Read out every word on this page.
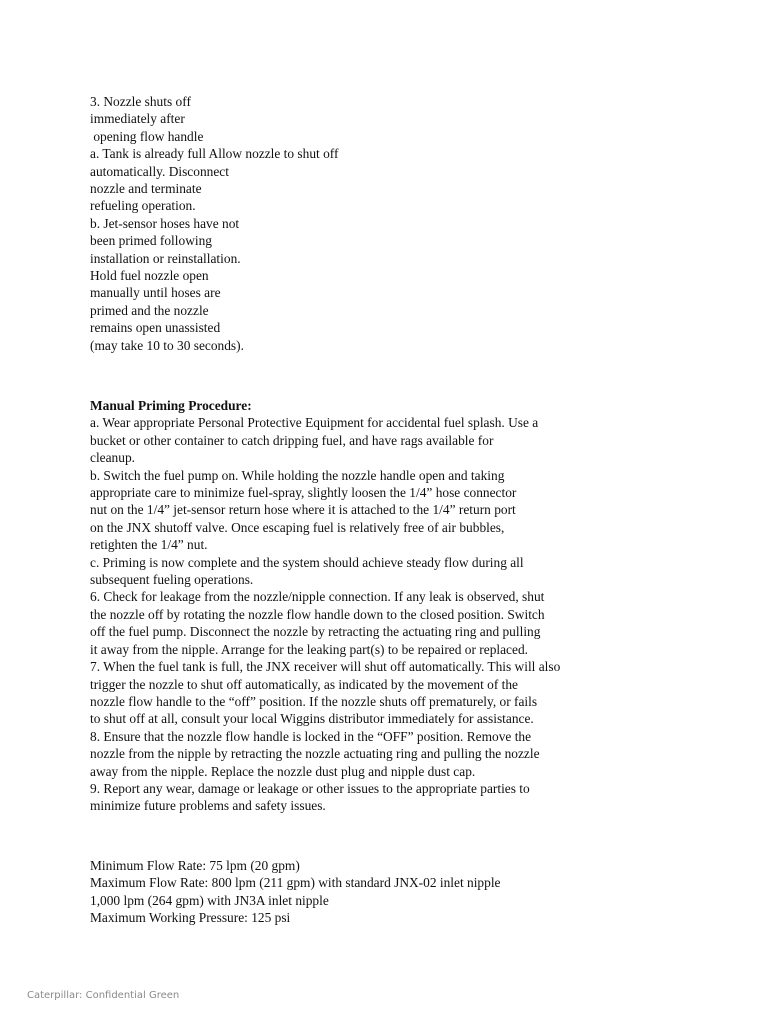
3. Nozzle shuts off
immediately after
opening flow handle
a. Tank is already full Allow nozzle to shut off
automatically. Disconnect
nozzle and terminate
refueling operation.
b. Jet-sensor hoses have not
been primed following
installation or reinstallation.
Hold fuel nozzle open
manually until hoses are
primed and the nozzle
remains open unassisted
(may take 10 to 30 seconds).
Manual Priming Procedure:
a. Wear appropriate Personal Protective Equipment for accidental fuel splash. Use a
bucket or other container to catch dripping fuel, and have rags available for
cleanup.
b. Switch the fuel pump on. While holding the nozzle handle open and taking
appropriate care to minimize fuel-spray, slightly loosen the 1/4” hose connector
nut on the 1/4” jet-sensor return hose where it is attached to the 1/4” return port
on the JNX shutoff valve. Once escaping fuel is relatively free of air bubbles,
retighten the 1/4” nut.
c. Priming is now complete and the system should achieve steady flow during all
subsequent fueling operations.
6. Check for leakage from the nozzle/nipple connection. If any leak is observed, shut
the nozzle off by rotating the nozzle flow handle down to the closed position. Switch
off the fuel pump. Disconnect the nozzle by retracting the actuating ring and pulling
it away from the nipple. Arrange for the leaking part(s) to be repaired or replaced.
7. When the fuel tank is full, the JNX receiver will shut off automatically. This will also
trigger the nozzle to shut off automatically, as indicated by the movement of the
nozzle flow handle to the “off” position. If the nozzle shuts off prematurely, or fails
to shut off at all, consult your local Wiggins distributor immediately for assistance.
8. Ensure that the nozzle flow handle is locked in the “OFF” position. Remove the
nozzle from the nipple by retracting the nozzle actuating ring and pulling the nozzle
away from the nipple. Replace the nozzle dust plug and nipple dust cap.
9. Report any wear, damage or leakage or other issues to the appropriate parties to
minimize future problems and safety issues.
Minimum Flow Rate: 75 lpm (20 gpm)
Maximum Flow Rate: 800 lpm (211 gpm) with standard JNX-02 inlet nipple
1,000 lpm (264 gpm) with JN3A inlet nipple
Maximum Working Pressure: 125 psi
Caterpillar: Confidential Green
